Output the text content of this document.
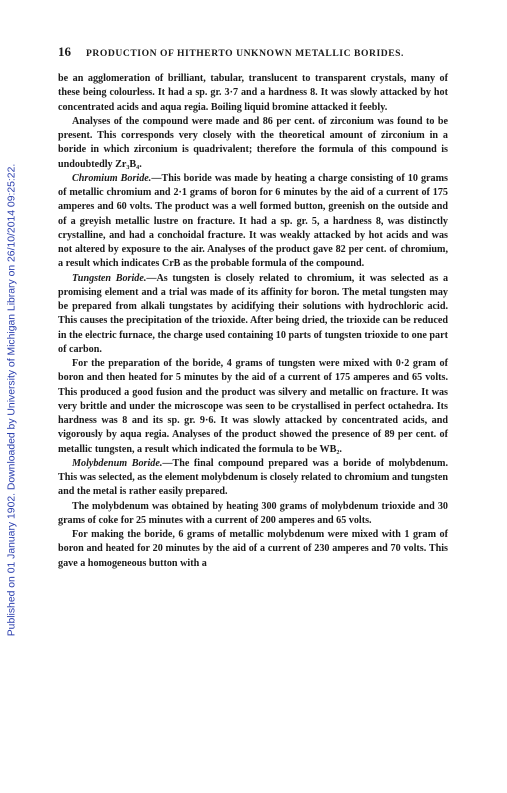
Published on 01 January 1902. Downloaded by University of Michigan Library on 26/10/2014 09:25:22.
16	PRODUCTION OF HITHERTO UNKNOWN METALLIC BORIDES.

be an agglomeration of brilliant, tabular, translucent to transparent crystals, many of these being colourless. It had a sp. gr. 3·7 and a hardness 8. It was slowly attacked by hot concentrated acids and aqua regia. Boiling liquid bromine attacked it feebly.

Analyses of the compound were made and 86 per cent. of zirconium was found to be present. This corresponds very closely with the theoretical amount of zirconium in a boride in which zirconium is quadrivalent; therefore the formula of this compound is undoubtedly Zr₃B₄.

Chromium Boride.—This boride was made by heating a charge consisting of 10 grams of metallic chromium and 2·1 grams of boron for 6 minutes by the aid of a current of 175 amperes and 60 volts. The product was a well formed button, greenish on the outside and of a greyish metallic lustre on fracture. It had a sp. gr. 5, a hardness 8, was distinctly crystalline, and had a conchoidal fracture. It was weakly attacked by hot acids and was not altered by exposure to the air. Analyses of the product gave 82 per cent. of chromium, a result which indicates CrB as the probable formula of the compound.

Tungsten Boride.—As tungsten is closely related to chromium, it was selected as a promising element and a trial was made of its affinity for boron. The metal tungsten may be prepared from alkali tungstates by acidifying their solutions with hydrochloric acid. This causes the precipitation of the trioxide. After being dried, the trioxide can be reduced in the electric furnace, the charge used containing 10 parts of tungsten trioxide to one part of carbon.

For the preparation of the boride, 4 grams of tungsten were mixed with 0·2 gram of boron and then heated for 5 minutes by the aid of a current of 175 amperes and 65 volts. This produced a good fusion and the product was silvery and metallic on fracture. It was very brittle and under the microscope was seen to be crystallised in perfect octahedra. Its hardness was 8 and its sp. gr. 9·6. It was slowly attacked by concentrated acids, and vigorously by aqua regia. Analyses of the product showed the presence of 89 per cent. of metallic tungsten, a result which indicated the formula to be WB₂.

Molybdenum Boride.—The final compound prepared was a boride of molybdenum. This was selected, as the element molybdenum is closely related to chromium and tungsten and the metal is rather easily prepared.

The molybdenum was obtained by heating 300 grams of molybdenum trioxide and 30 grams of coke for 25 minutes with a current of 200 amperes and 65 volts.

For making the boride, 6 grams of metallic molybdenum were mixed with 1 gram of boron and heated for 20 minutes by the aid of a current of 230 amperes and 70 volts. This gave a homogeneous button with a
